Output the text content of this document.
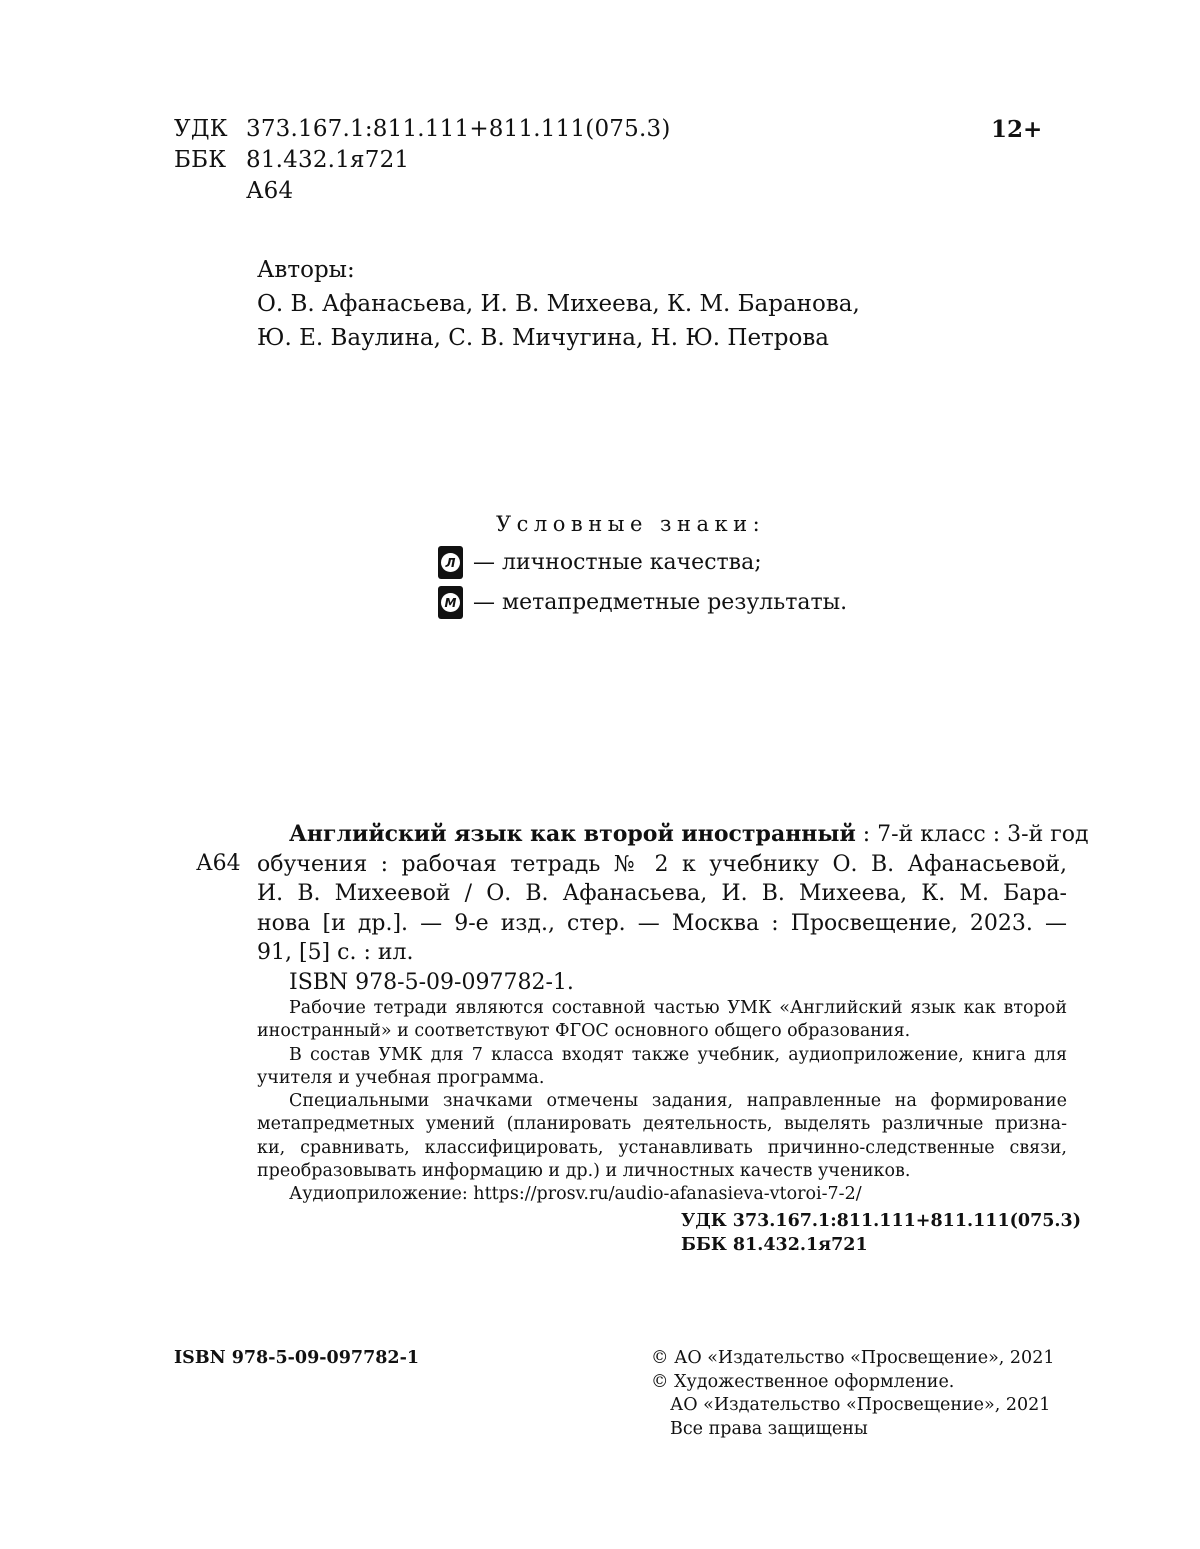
УДК 373.167.1:811.111+811.111(075.3)
ББК 81.432.1я721
А64
12+
Авторы:
О. В. Афанасьева, И. В. Михеева, К. М. Баранова,
Ю. Е. Ваулина, С. В. Мичугина, Н. Ю. Петрова
Условные знаки:
Л — личностные качества;
М — метапредметные результаты.
А64
Английский язык как второй иностранный : 7-й класс : 3-й год
обучения : рабочая тетрадь № 2 к учебнику О. В. Афанасьевой,
И. В. Михеевой / О. В. Афанасьева, И. В. Михеева, К. М. Бара-
нова [и др.]. — 9-е изд., стер. — Москва : Просвещение, 2023. —
91, [5] с. : ил.
ISBN 978-5-09-097782-1.
Рабочие тетради являются составной частью УМК «Английский язык как второй
иностранный» и соответствуют ФГОС основного общего образования.
В состав УМК для 7 класса входят также учебник, аудиоприложение, книга для
учителя и учебная программа.
Специальными значками отмечены задания, направленные на формирование
метапредметных умений (планировать деятельность, выделять различные призна-
ки, сравнивать, классифицировать, устанавливать причинно-следственные связи,
преобразовывать информацию и др.) и личностных качеств учеников.
Аудиоприложение: https://prosv.ru/audio-afanasieva-vtoroi-7-2/
УДК 373.167.1:811.111+811.111(075.3)
ББК 81.432.1я721
ISBN 978-5-09-097782-1	© АО «Издательство «Просвещение», 2021
© Художественное оформление.
АО «Издательство «Просвещение», 2021
Все права защищены
